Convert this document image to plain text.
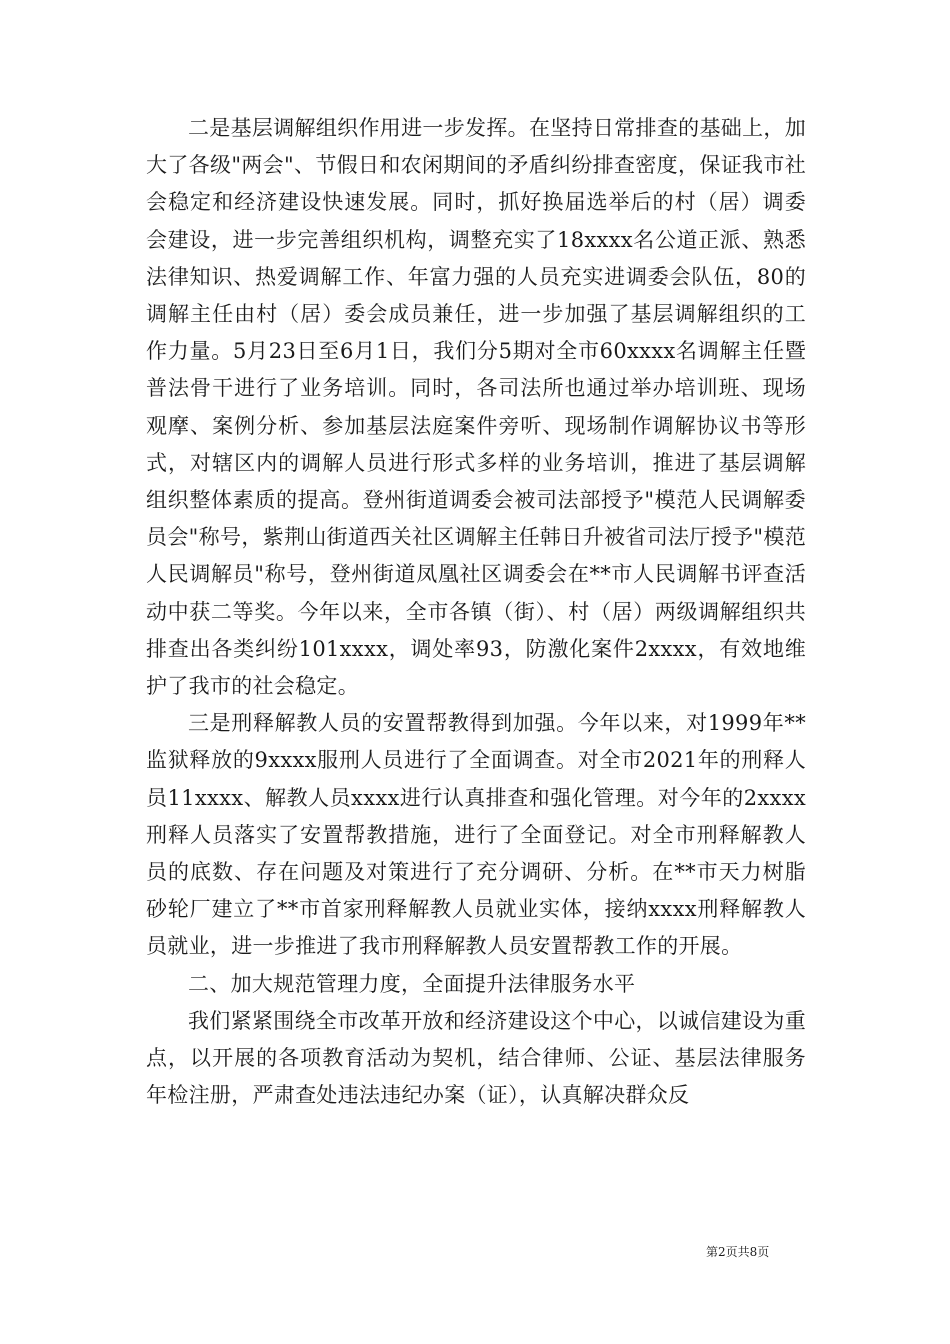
二是基层调解组织作用进一步发挥。在坚持日常排查的基础上，加大了各级"两会"、节假日和农闲期间的矛盾纠纷排查密度，保证我市社会稳定和经济建设快速发展。同时，抓好换届选举后的村（居）调委会建设，进一步完善组织机构，调整充实了18xxxx名公道正派、熟悉法律知识、热爱调解工作、年富力强的人员充实进调委会队伍，80的调解主任由村（居）委会成员兼任，进一步加强了基层调解组织的工作力量。5月23日至6月1日，我们分5期对全市60xxxx名调解主任暨普法骨干进行了业务培训。同时，各司法所也通过举办培训班、现场观摩、案例分析、参加基层法庭案件旁听、现场制作调解协议书等形式，对辖区内的调解人员进行形式多样的业务培训，推进了基层调解组织整体素质的提高。登州街道调委会被司法部授予"模范人民调解委员会"称号，紫荆山街道西关社区调解主任韩日升被省司法厅授予"模范人民调解员"称号，登州街道凤凰社区调委会在**市人民调解书评查活动中获二等奖。今年以来，全市各镇（街）、村（居）两级调解组织共排查出各类纠纷101xxxx，调处率93，防激化案件2xxxx，有效地维护了我市的社会稳定。

三是刑释解教人员的安置帮教得到加强。今年以来，对1999年**监狱释放的9xxxx服刑人员进行了全面调查。对全市2021年的刑释人员11xxxx、解教人员xxxx进行认真排查和强化管理。对今年的2xxxx刑释人员落实了安置帮教措施，进行了全面登记。对全市刑释解教人员的底数、存在问题及对策进行了充分调研、分析。在**市天力树脂砂轮厂建立了**市首家刑释解教人员就业实体，接纳xxxx刑释解教人员就业，进一步推进了我市刑释解教人员安置帮教工作的开展。

二、加大规范管理力度，全面提升法律服务水平

我们紧紧围绕全市改革开放和经济建设这个中心，以诚信建设为重点，以开展的各项教育活动为契机，结合律师、公证、基层法律服务年检注册，严肃查处违法违纪办案（证），认真解决群众反

第2页共8页
